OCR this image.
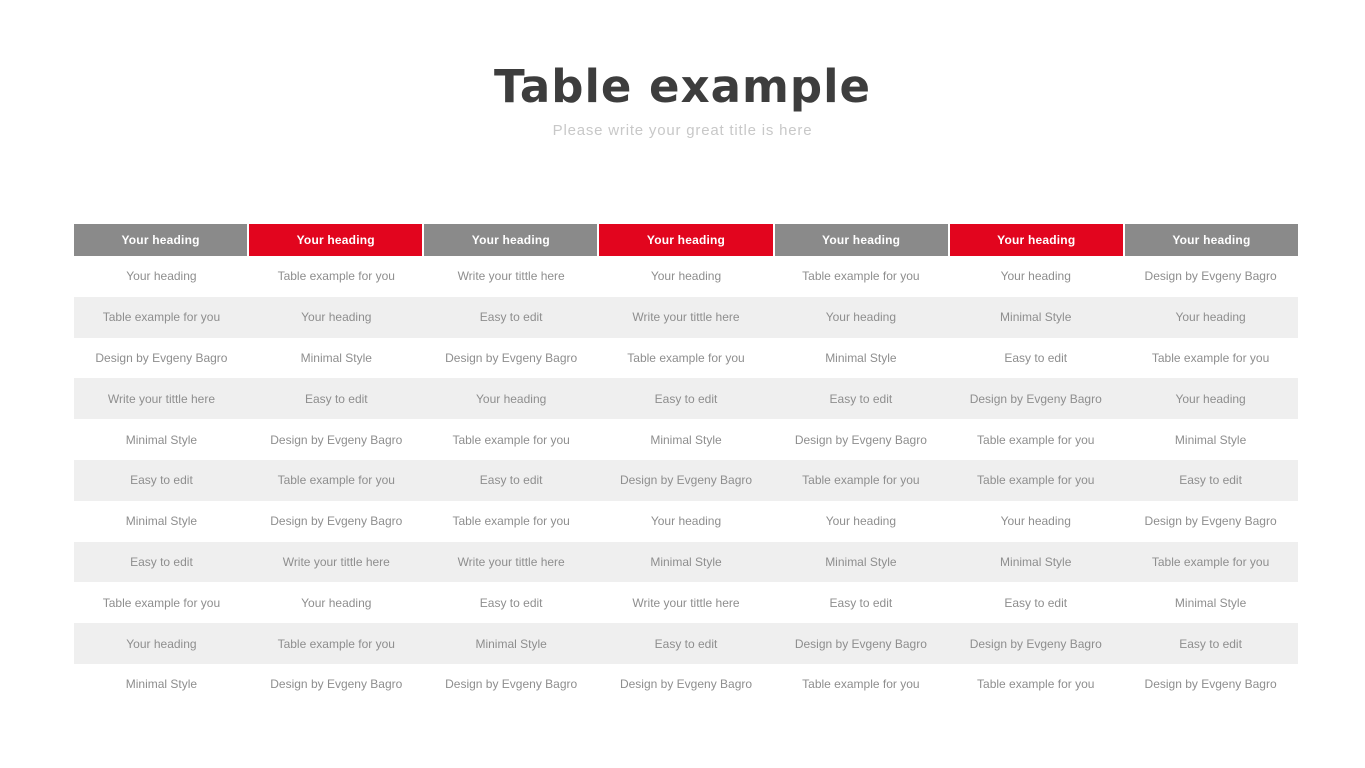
Table example

Please write your great title is here

Your heading	Your heading	Your heading	Your heading	Your heading	Your heading	Your heading
Your heading	Table example for you	Write your tittle here	Your heading	Table example for you	Your heading	Design by Evgeny Bagro
Table example for you	Your heading	Easy to edit	Write your tittle here	Your heading	Minimal Style	Your heading
Design by Evgeny Bagro	Minimal Style	Design by Evgeny Bagro	Table example for you	Minimal Style	Easy to edit	Table example for you
Write your tittle here	Easy to edit	Your heading	Easy to edit	Easy to edit	Design by Evgeny Bagro	Your heading
Minimal Style	Design by Evgeny Bagro	Table example for you	Minimal Style	Design by Evgeny Bagro	Table example for you	Minimal Style
Easy to edit	Table example for you	Easy to edit	Design by Evgeny Bagro	Table example for you	Table example for you	Easy to edit
Minimal Style	Design by Evgeny Bagro	Table example for you	Your heading	Your heading	Your heading	Design by Evgeny Bagro
Easy to edit	Write your tittle here	Write your tittle here	Minimal Style	Minimal Style	Minimal Style	Table example for you
Table example for you	Your heading	Easy to edit	Write your tittle here	Easy to edit	Easy to edit	Minimal Style
Your heading	Table example for you	Minimal Style	Easy to edit	Design by Evgeny Bagro	Design by Evgeny Bagro	Easy to edit
Minimal Style	Design by Evgeny Bagro	Design by Evgeny Bagro	Design by Evgeny Bagro	Table example for you	Table example for you	Design by Evgeny Bagro
